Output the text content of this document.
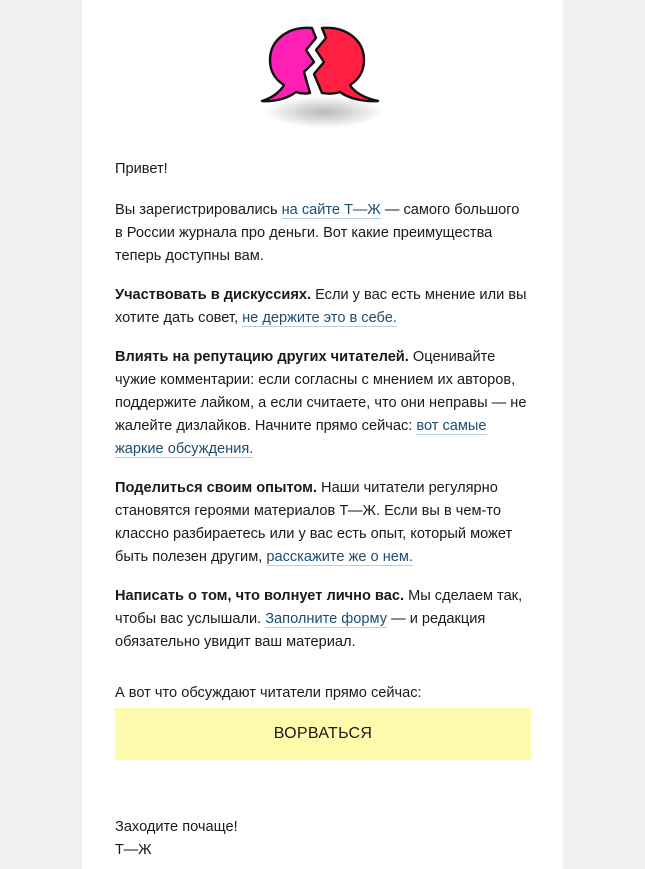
Привет!

Вы зарегистрировались на сайте Т—Ж — самого большого в России журнала про деньги. Вот какие преимущества теперь доступны вам.

Участвовать в дискуссиях. Если у вас есть мнение или вы хотите дать совет, не держите это в себе.

Влиять на репутацию других читателей. Оценивайте чужие комментарии: если согласны с мнением их авторов, поддержите лайком, а если считаете, что они неправы — не жалейте дизлайков. Начните прямо сейчас: вот самые жаркие обсуждения.

Поделиться своим опытом. Наши читатели регулярно становятся героями материалов Т—Ж. Если вы в чем-то классно разбираетесь или у вас есть опыт, который может быть полезен другим, расскажите же о нем.

Написать о том, что волнует лично вас. Мы сделаем так, чтобы вас услышали. Заполните форму — и редакция обязательно увидит ваш материал.

А вот что обсуждают читатели прямо сейчас:

ВОРВАТЬСЯ
Заходите почаще!
Т—Ж
